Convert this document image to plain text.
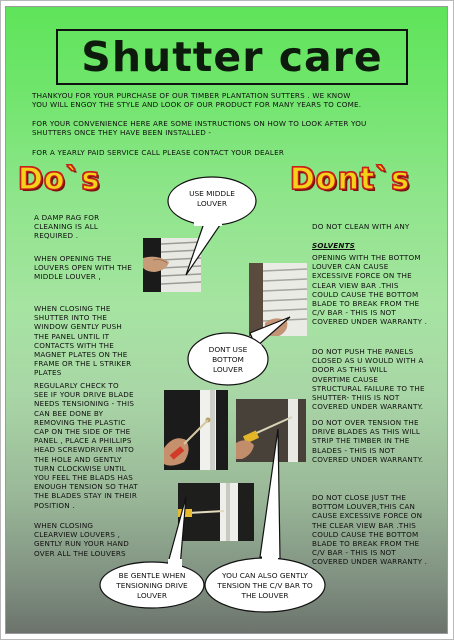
Shutter care
THANKYOU FOR YOUR PURCHASE OF OUR TIMBER PLANTATION SUTTERS . WE KNOW
YOU WILL ENGOY THE STYLE AND LOOK OF OUR PRODUCT FOR MANY YEARS TO COME.
FOR YOUR CONVENIENCE HERE ARE SOME INSTRUCTIONS ON HOW TO LOOK AFTER YOU
SHUTTERS ONCE THEY HAVE BEEN INSTALLED -
FOR A YEARLY PAID SERVICE CALL PLEASE CONTACT YOUR DEALER
Do`s	Dont`s
A DAMP RAG FOR
CLEANING IS ALL
REQUIRED .
WHEN OPENING THE
LOUVERS OPEN WITH THE
MIDDLE LOUVER ,
WHEN CLOSING THE
SHUTTER INTO THE
WINDOW GENTLY PUSH
THE PANEL UNTIL IT
CONTACTS WITH THE
MAGNET PLATES ON THE
FRAME OR THE L STRIKER
PLATES
REGULARLY CHECK TO
SEE IF YOUR DRIVE BLADE
NEEDS TENSIONING - THIS
CAN BEE DONE BY
REMOVING THE PLASTIC
CAP ON THE SIDE OF THE
PANEL , PLACE A PHILLIPS
HEAD SCREWDRIVER INTO
THE HOLE AND GENTLY
TURN CLOCKWISE UNTIL
YOU FEEL THE BLADS HAS
ENOUGH TENSION SO THAT
THE BLADES STAY IN THEIR
POSITION .
WHEN CLOSING
CLEARVIEW LOUVERS ,
GENTLY RUN YOUR HAND
OVER ALL THE LOUVERS

DO NOT CLEAN WITH ANY

SOLVENTS

OPENING WITH THE BOTTOM
LOUVER CAN CAUSE
EXCESSIVE FORCE ON THE
CLEAR VIEW BAR .THIS
COULD CAUSE THE BOTTOM
BLADE TO BREAK FROM THE
C/V BAR - THIS IS NOT
COVERED UNDER WARRANTY .
DO NOT PUSH THE PANELS
CLOSED AS U WOULD WITH A
DOOR AS THIS WILL
OVERTIME CAUSE
STRUCTURAL FAILURE TO THE
SHUTTER- THIIS IS NOT
COVERED UNDER WARRANTY.
DO NOT OVER TENSION THE
DRIVE BLADES AS THIS WILL
STRIP THE TIMBER IN THE
BLADES - THIS IS NOT
COVERED UNDER WARRANTY.
DO NOT CLOSE JUST THE
BOTTOM LOUVER,THIS CAN
CAUSE EXCESSIVE FORCE ON
THE CLEAR VIEW BAR .THIS
COULD CAUSE THE BOTTOM
BLADE TO BREAK FROM THE
C/V BAR - THIS IS NOT
COVERED UNDER WARRANTY .
USE MIDDLE
LOUVER
DONT USE
BOTTOM
LOUVER
BE GENTLE WHEN
TENSIONING DRIVE
LOUVER
YOU CAN ALSO GENTLY
TENSION THE C/V BAR TO
THE LOUVER
